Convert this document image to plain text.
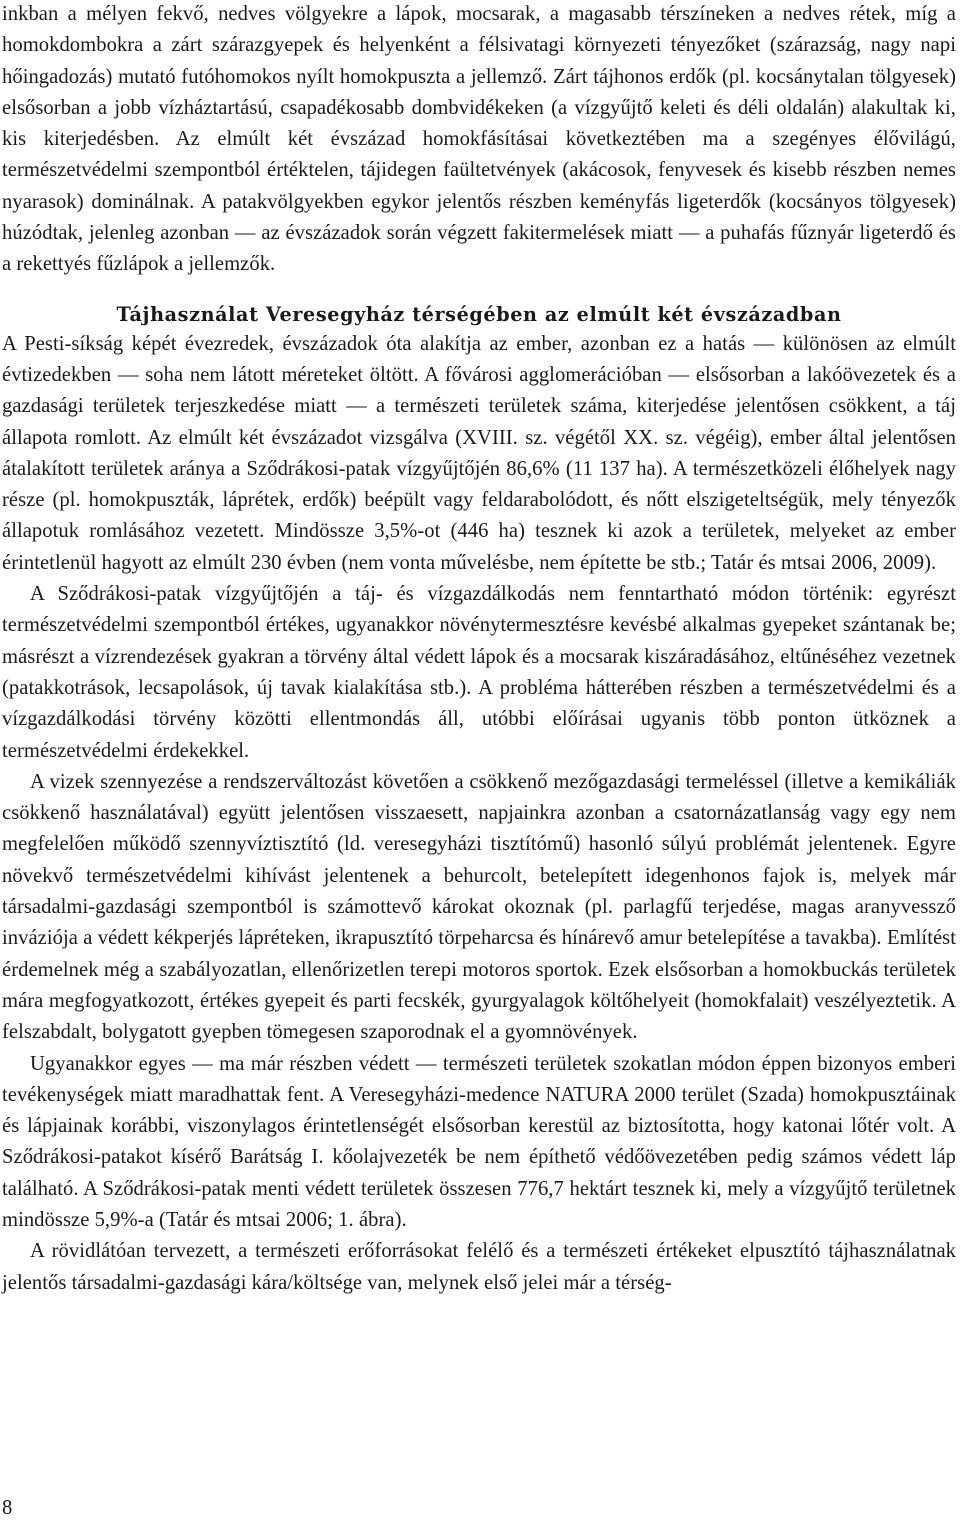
inkban a mélyen fekvő, nedves völgyekre a lápok, mocsarak, a magasabb térszíneken a nedves rétek, míg a homokdombokra a zárt szárazgyepek és helyenként a félsivatagi környezeti tényezőket (szárazság, nagy napi hőingadozás) mutató futóhomokos nyílt homokpuszta a jellemző. Zárt tájhonos erdők (pl. kocsánytalan tölgyesek) elsősorban a jobb vízháztartású, csapadékosabb dombvidékeken (a vízgyűjtő keleti és déli oldalán) alakultak ki, kis kiterjedésben. Az elmúlt két évszázad homokfásításai következtében ma a szegényes élővilágú, természetvédelmi szempontból értéktelen, tájidegen faültetvények (akácosok, fenyvesek és kisebb részben nemes nyarasok) dominálnak. A patakvölgyekben egykor jelentős részben keményfás ligeterdők (kocsányos tölgyesek) húzódtak, jelenleg azonban — az évszázadok során végzett fakitermelések miatt — a puhafás fűznyár ligeterdő és a rekettyés fűzlápok a jellemzők.

Tájhasználat Veresegyház térségében az elmúlt két évszázadban

A Pesti-síkság képét évezredek, évszázadok óta alakítja az ember, azonban ez a hatás — különösen az elmúlt évtizedekben — soha nem látott méreteket öltött. A fővárosi agglomerációban — elsősorban a lakóövezetek és a gazdasági területek terjeszkedése miatt — a természeti területek száma, kiterjedése jelentősen csökkent, a táj állapota romlott. Az elmúlt két évszázadot vizsgálva (XVIII. sz. végétől XX. sz. végéig), ember által jelentősen átalakított területek aránya a Sződrákosi-patak vízgyűjtőjén 86,6% (11 137 ha). A természetközeli élőhelyek nagy része (pl. homokpuszták, láprétek, erdők) beépült vagy feldarabolódott, és nőtt elszigeteltségük, mely tényezők állapotuk romlásához vezetett. Mindössze 3,5%-ot (446 ha) tesznek ki azok a területek, melyeket az ember érintetlenül hagyott az elmúlt 230 évben (nem vonta művelésbe, nem építette be stb.; Tatár és mtsai 2006, 2009).

A Sződrákosi-patak vízgyűjtőjén a táj- és vízgazdálkodás nem fenntartható módon történik: egyrészt természetvédelmi szempontból értékes, ugyanakkor növénytermesztésre kevésbé alkalmas gyepeket szántanak be; másrészt a vízrendezések gyakran a törvény által védett lápok és a mocsarak kiszáradásához, eltűnéséhez vezetnek (patakkotrások, lecsapolások, új tavak kialakítása stb.). A probléma hátterében részben a természetvédelmi és a vízgazdálkodási törvény közötti ellentmondás áll, utóbbi előírásai ugyanis több ponton ütköznek a természetvédelmi érdekekkel.

A vizek szennyezése a rendszerváltozást követően a csökkenő mezőgazdasági termeléssel (illetve a kemikáliák csökkenő használatával) együtt jelentősen visszaesett, napjainkra azonban a csatornázatlanság vagy egy nem megfelelően működő szennyvíztisztító (ld. veresegyházi tisztítómű) hasonló súlyú problémát jelentenek. Egyre növekvő természetvédelmi kihívást jelentenek a behurcolt, betelepített idegenhonos fajok is, melyek már társadalmi-gazdasági szempontból is számottevő károkat okoznak (pl. parlagfű terjedése, magas aranyvessző inváziója a védett kékperjés lápréteken, ikrapusztító törpeharcsa és hínárevő amur betelepítése a tavakba). Említést érdemelnek még a szabályozatlan, ellenőrizetlen terepi motoros sportok. Ezek elsősorban a homokbuckás területek mára megfogyatkozott, értékes gyepeit és parti fecskék, gyurgyalagok költőhelyeit (homokfalait) veszélyeztetik. A felszabdalt, bolygatott gyepben tömegesen szaporodnak el a gyomnövények.

Ugyanakkor egyes — ma már részben védett — természeti területek szokatlan módon éppen bizonyos emberi tevékenységek miatt maradhattak fent. A Veresegyházi-medence NATURA 2000 terület (Szada) homokpusztáinak és lápjainak korábbi, viszonylagos érintetlenségét elsősorban kerestül az biztosította, hogy katonai lőtér volt. A Sződrákosi-patakot kísérő Barátság I. kőolajvezeték be nem építhető védőövezetében pedig számos védett láp található. A Sződrákosi-patak menti védett területek összesen 776,7 hektárt tesznek ki, mely a vízgyűjtő területnek mindössze 5,9%-a (Tatár és mtsai 2006; 1. ábra).

A rövidlátóan tervezett, a természeti erőforrásokat felélő és a természeti értékeket elpusztító tájhasználatnak jelentős társadalmi-gazdasági kára/költsége van, melynek első jelei már a térség-

8
